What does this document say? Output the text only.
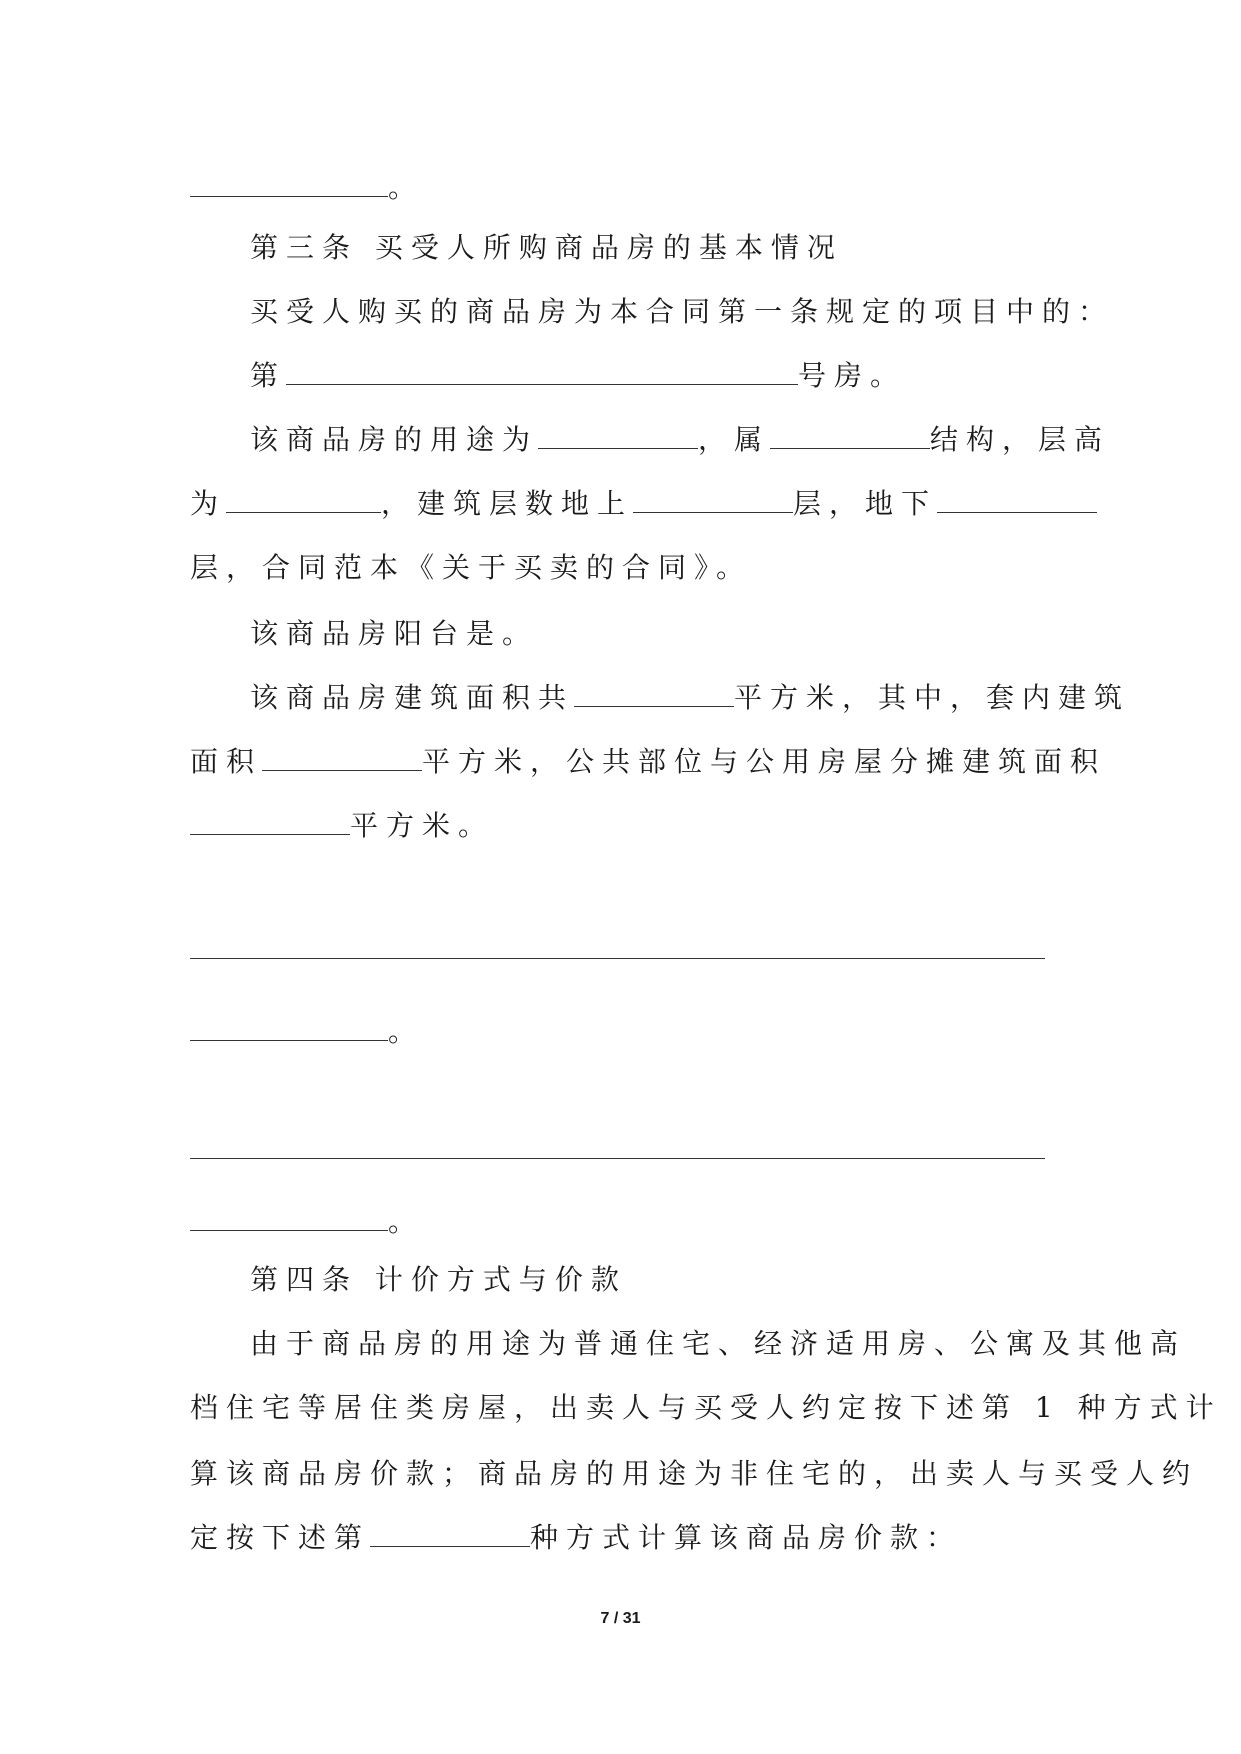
。
第三条 买受人所购商品房的基本情况
买受人购买的商品房为本合同第一条规定的项目中的：
第	号房。
该商品房的用途为	，属	结构，层高
为	，建筑层数地上	层，地下
层，合同范本《关于买卖的合同》。
该商品房阳台是。
该商品房建筑面积共	平方米，其中，套内建筑
面积	平方米，公共部位与公用房屋分摊建筑面积
平方米。
。
。
第四条 计价方式与价款
由于商品房的用途为普通住宅、经济适用房、公寓及其他高
档住宅等居住类房屋，出卖人与买受人约定按下述第 1 种方式计
算该商品房价款；商品房的用途为非住宅的，出卖人与买受人约
定按下述第	种方式计算该商品房价款：
7 / 31
